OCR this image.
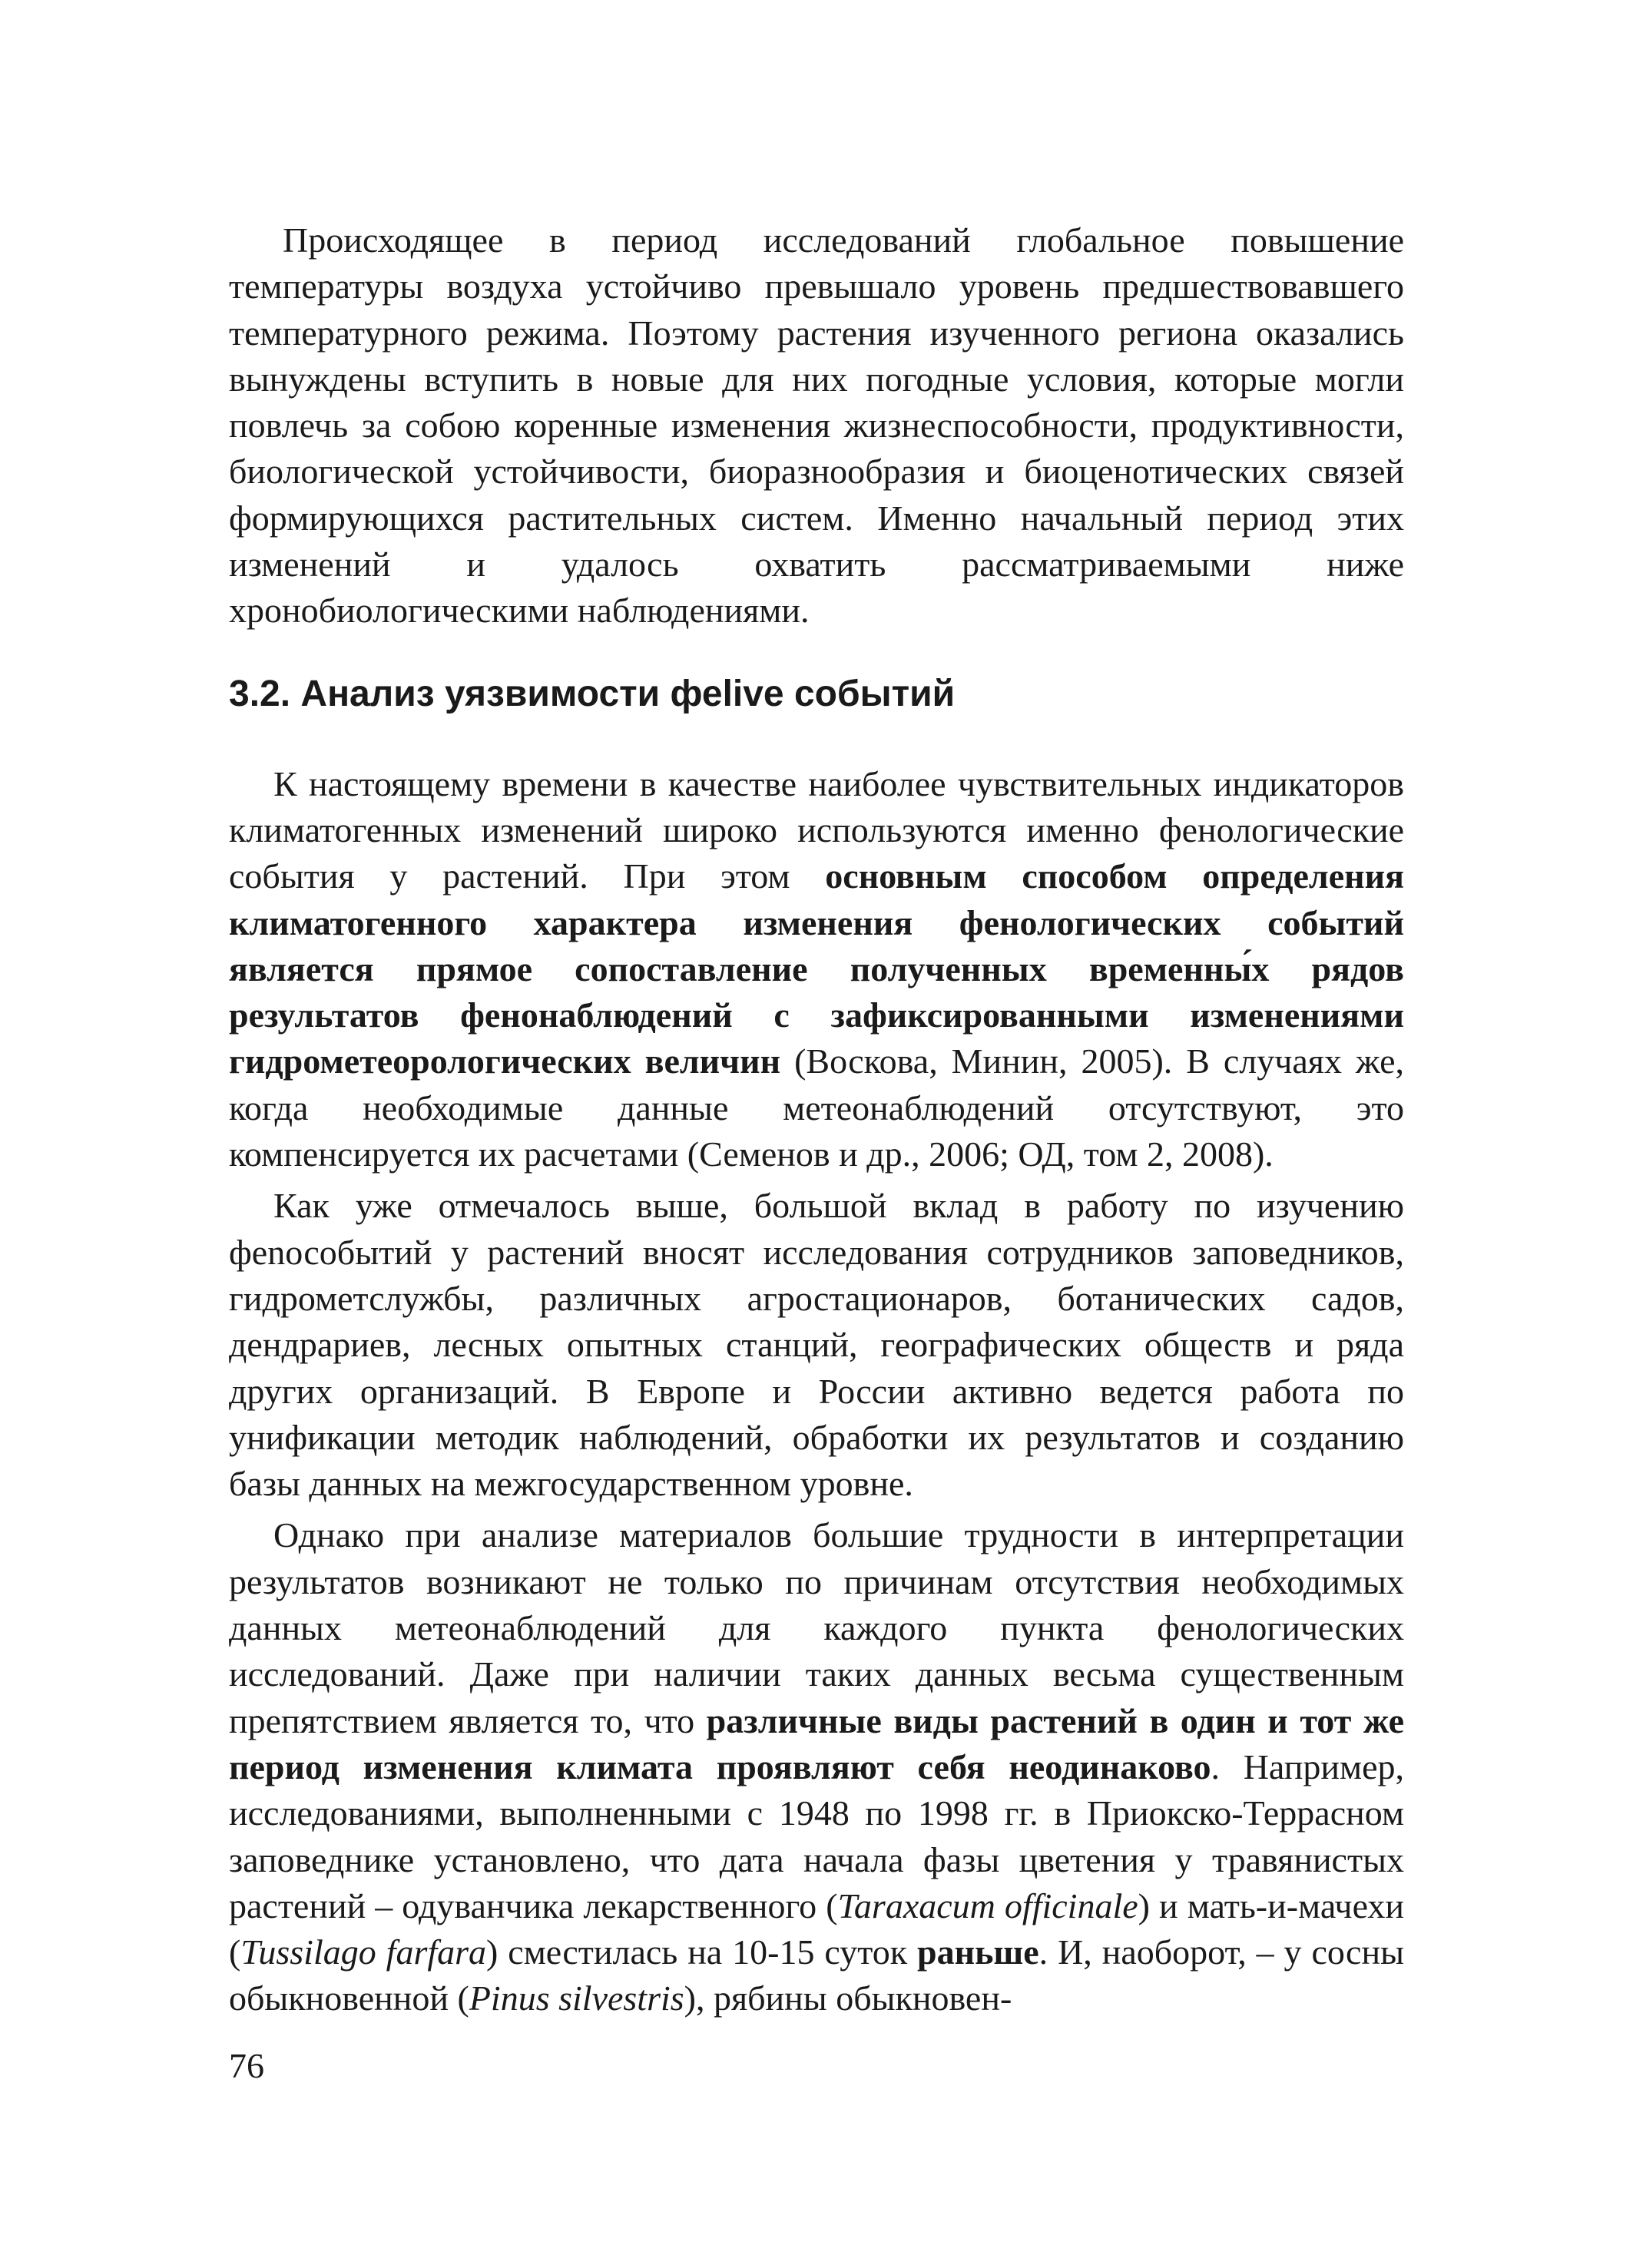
Происходящее в период исследований глобальное повышение температуры воздуха устойчиво превышало уровень предшествовавшего температурного режима. Поэтому растения изученного региона оказались вынуждены вступить в новые для них погодные условия, которые могли повлечь за собою коренные изменения жизнеспособности, продуктивности, биологической устойчивости, биоразнообразия и биоценотических связей формирующихся растительных систем. Именно начальный период этих изменений и удалось охватить рассматриваемыми ниже хронобиологическими наблюдениями.

3.2. Анализ уязвимости феlive событий

К настоящему времени в качестве наиболее чувствительных индикаторов климатогенных изменений широко используются именно фенологические события у растений. При этом основным способом определения климатогенного характера изменения фенологических событий является прямое сопоставление полученных временны́х рядов результатов фенонаблюдений с зафиксированными изменениями гидрометеорологических величин (Воскова, Минин, 2005). В случаях же, когда необходимые данные метеонаблюдений отсутствуют, это компенсируется их расчетами (Семенов и др., 2006; ОД, том 2, 2008).

Как уже отмечалось выше, большой вклад в работу по изучению феnособытий у растений вносят исследования сотрудников заповедников, гидрометслужбы, различных агростационаров, ботанических садов, дендрариев, лесных опытных станций, географических обществ и ряда других организаций. В Европе и России активно ведется работа по унификации методик наблюдений, обработки их результатов и созданию базы данных на межгосударственном уровне.

Однако при анализе материалов большие трудности в интерпретации результатов возникают не только по причинам отсутствия необходимых данных метеонаблюдений для каждого пункта фенологических исследований. Даже при наличии таких данных весьма существенным препятствием является то, что различные виды растений в один и тот же период изменения климата проявляют себя неодинаково. Например, исследованиями, выполненными с 1948 по 1998 гг. в Приокско-Террасном заповеднике установлено, что дата начала фазы цветения у травянистых растений – одуванчика лекарственного (Taraxacum officinale) и мать-и-мачехи (Tussilago farfara) сместилась на 10-15 суток раньше. И, наоборот, – у сосны обыкновенной (Pinus silvestris), рябины обыкновен-

76
